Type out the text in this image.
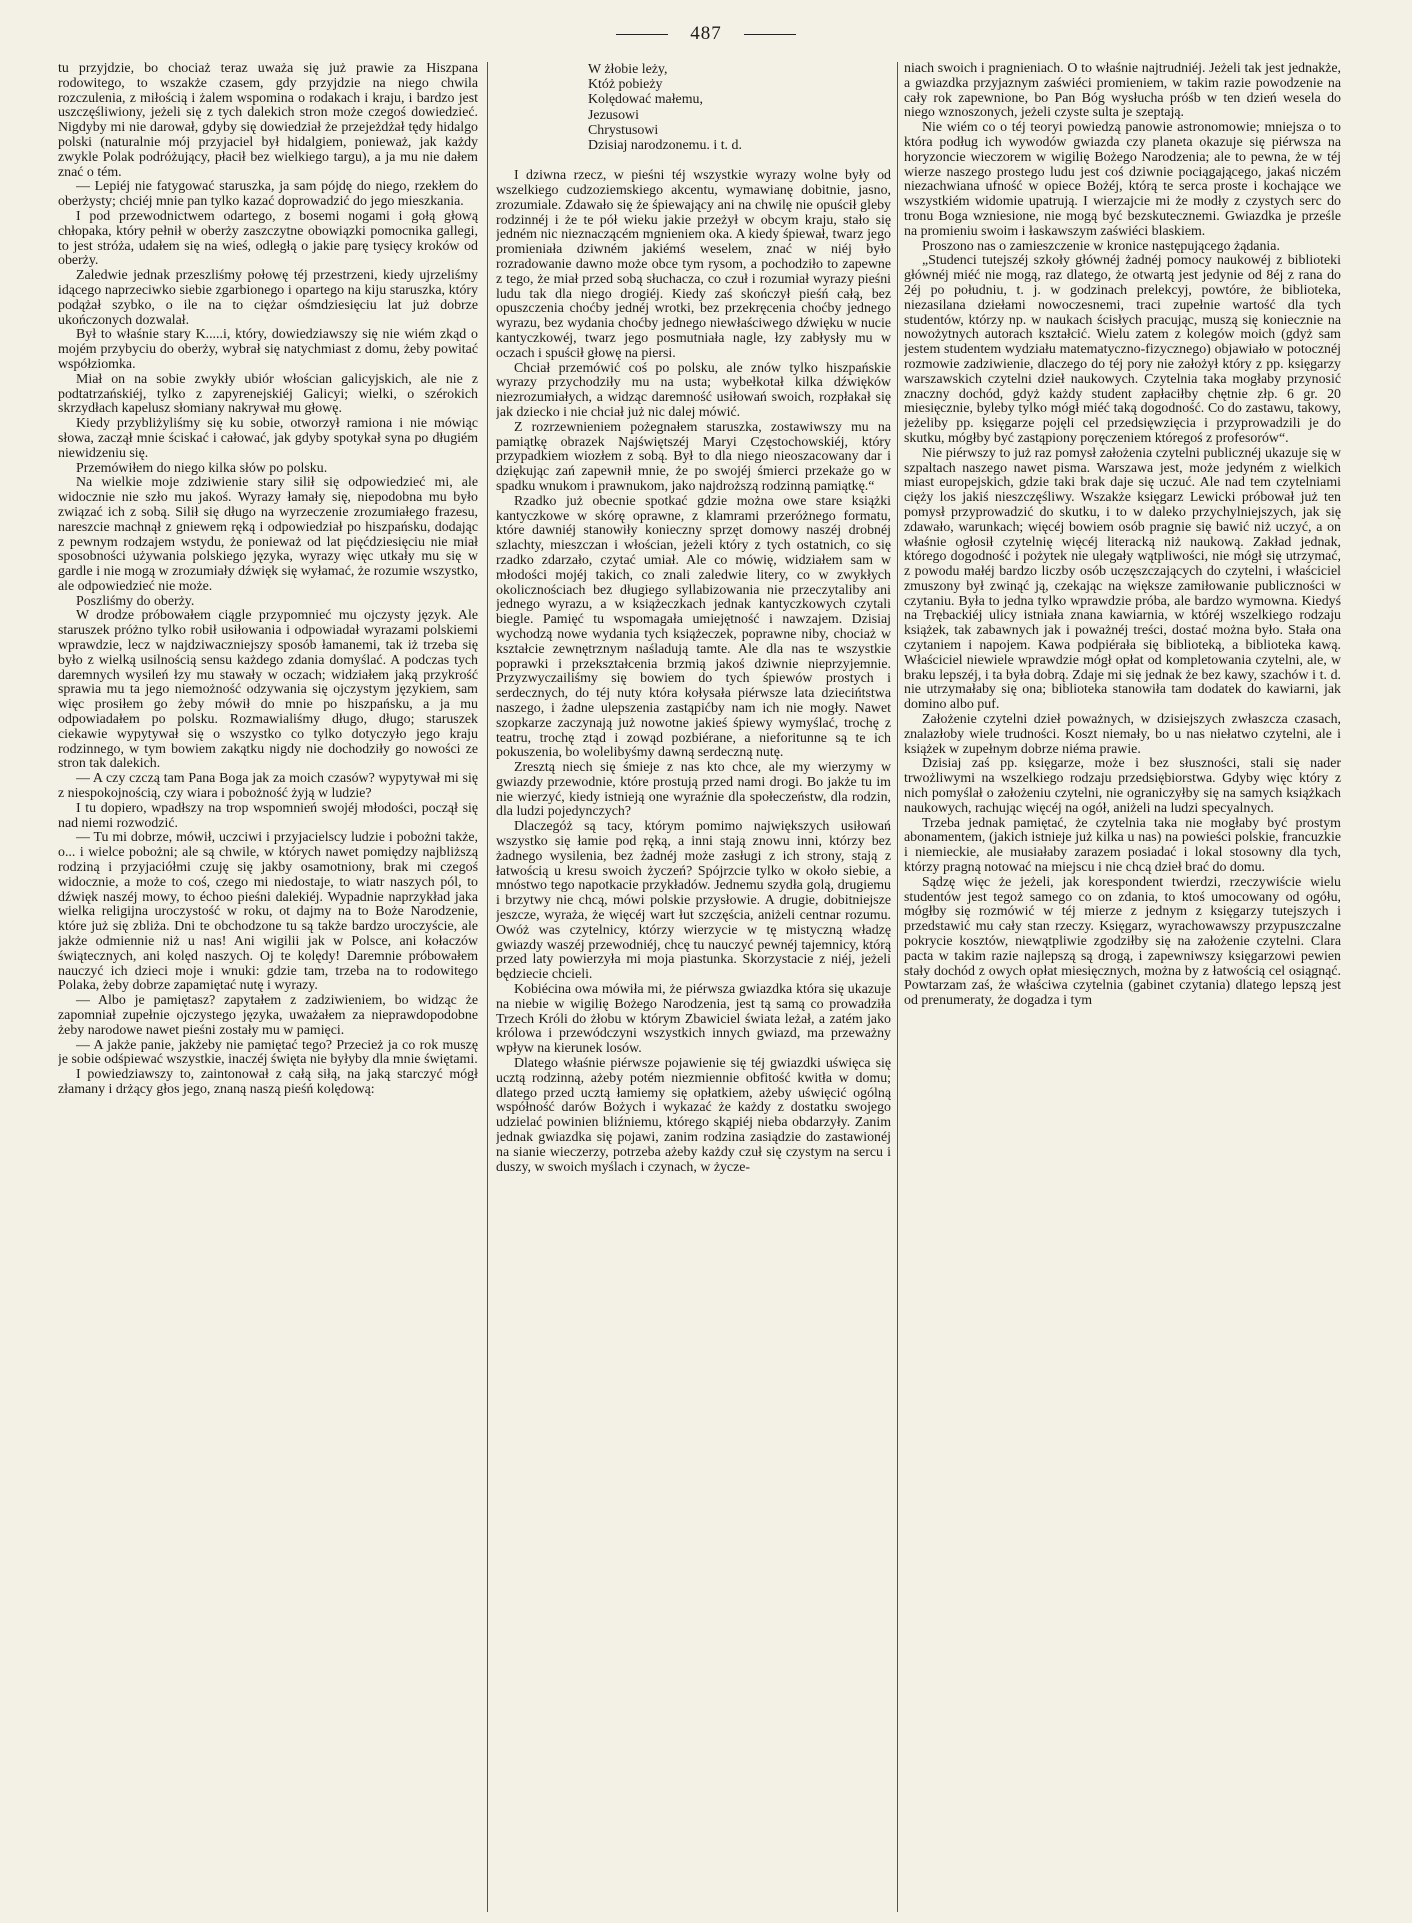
487

tu przyjdzie, bo chociaż teraz uważa się już prawie za Hiszpana rodowitego, to wszakże czasem, gdy przyjdzie na niego chwila rozczulenia, z miłością i żalem wspomina o rodakach i kraju, i bardzo jest uszczęśliwiony, jeżeli się z tych dalekich stron może czegoś dowiedzieć. Nigdyby mi nie darował, gdyby się dowiedział że przejeżdżał tędy hidalgo polski (naturalnie mój przyjaciel był hidalgiem, ponieważ, jak każdy zwykle Polak podróżujący, płacił bez wielkiego targu), a ja mu nie dałem znać o tém.

— Lepiéj nie fatygować staruszka, ja sam pójdę do niego, rzekłem do oberżysty; chciéj mnie pan tylko kazać doprowadzić do jego mieszkania.

I pod przewodnictwem odartego, z bosemi nogami i gołą głową chłopaka, który pełnił w oberży zaszczytne obowiązki pomocnika gallegi, to jest stróża, udałem się na wieś, odległą o jakie parę tysięcy kroków od oberży.

Zaledwie jednak przeszliśmy połowę téj przestrzeni, kiedy ujrzeliśmy idącego naprzeciwko siebie zgarbionego i opartego na kiju staruszka, który podążał szybko, o ile na to ciężar ośmdziesięciu lat już dobrze ukończonych dozwalał.

Był to właśnie stary K.....i, który, dowiedziawszy się nie wiém zkąd o mojém przybyciu do oberży, wybrał się natychmiast z domu, żeby powitać współziomka.

Miał on na sobie zwykły ubiór włościan galicyjskich, ale nie z podtatrzańskiéj, tylko z zapyrenejskiéj Galicyi; wielki, o szérokich skrzydłach kapelusz słomiany nakrywał mu głowę.

Kiedy przybliżyliśmy się ku sobie, otworzył ramiona i nie mówiąc słowa, zaczął mnie ściskać i całować, jak gdyby spotykał syna po długiém niewidzeniu się.

Przemówiłem do niego kilka słów po polsku.

Na wielkie moje zdziwienie stary silił się odpowiedzieć mi, ale widocznie nie szło mu jakoś. Wyrazy łamały się, niepodobna mu było związać ich z sobą. Silił się długo na wyrzeczenie zrozumiałego frazesu, nareszcie machnął z gniewem ręką i odpowiedział po hiszpańsku, dodając z pewnym rodzajem wstydu, że ponieważ od lat pięćdziesięciu nie miał sposobności używania polskiego języka, wyrazy więc utkały mu się w gardle i nie mogą w zrozumiały dźwięk się wyłamać, że rozumie wszystko, ale odpowiedzieć nie może.

Poszliśmy do oberży.

W drodze próbowałem ciągle przypomnieć mu ojczysty język. Ale staruszek próżno tylko robił usiłowania i odpowiadał wyrazami polskiemi wprawdzie, lecz w najdziwaczniejszy sposób łamanemi, tak iż trzeba się było z wielką usilnością sensu każdego zdania domyślać. A podczas tych daremnych wysileń łzy mu stawały w oczach; widziałem jaką przykrość sprawia mu ta jego niemożność odzywania się ojczystym językiem, sam więc prosiłem go żeby mówił do mnie po hiszpańsku, a ja mu odpowiadałem po polsku. Rozmawialiśmy długo, długo; staruszek ciekawie wypytywał się o wszystko co tylko dotyczyło jego kraju rodzinnego, w tym bowiem zakątku nigdy nie dochodziły go nowości ze stron tak dalekich.

— A czy czczą tam Pana Boga jak za moich czasów? wypytywał mi się z niespokojnością, czy wiara i pobożność żyją w ludzie?

I tu dopiero, wpadłszy na trop wspomnień swojéj młodości, począł się nad niemi rozwodzić.

— Tu mi dobrze, mówił, uczciwi i przyjacielscy ludzie i pobożni także, o... i wielce pobożni; ale są chwile, w których nawet pomiędzy najbliższą rodziną i przyjaciółmi czuję się jakby osamotniony, brak mi czegoś widocznie, a może to coś, czego mi niedostaje, to wiatr naszych pól, to dźwięk naszéj mowy, to échoo pieśni dalekiéj. Wypadnie naprzykład jaka wielka religijna uroczystość w roku, ot dajmy na to Boże Narodzenie, które już się zbliża. Dni te obchodzone tu są także bardzo uroczyście, ale jakże odmiennie niż u nas! Ani wigilii jak w Polsce, ani kołaczów świątecznych, ani kolęd naszych. Oj te kolędy! Daremnie próbowałem nauczyć ich dzieci moje i wnuki: gdzie tam, trzeba na to rodowitego Polaka, żeby dobrze zapamiętać nutę i wyrazy.

— Albo je pamiętasz? zapytałem z zadziwieniem, bo widząc że zapomniał zupełnie ojczystego języka, uważałem za nieprawdopodobne żeby narodowe nawet pieśni zostały mu w pamięci.

— A jakże panie, jakżeby nie pamiętać tego? Przecież ja co rok muszę je sobie odśpiewać wszystkie, inaczéj święta nie byłyby dla mnie świętami.

I powiedziawszy to, zaintonował z całą siłą, na jaką starczyć mógł złamany i drżący głos jego, znaną naszą pieśń kolędową:

W żłobie leży,
Któż pobieży
Kolędować małemu,
Jezusowi
Chrystusowi
Dzisiaj narodzonemu. i t. d.

I dziwna rzecz, w pieśni téj wszystkie wyrazy wolne były od wszelkiego cudzoziemskiego akcentu, wymawianę dobitnie, jasno, zrozumiale. Zdawało się że śpiewający ani na chwilę nie opuścił gleby rodzinnéj i że te pół wieku jakie przeżył w obcym kraju, stało się jedném nic nieznaczącém mgnieniem oka. A kiedy śpiewał, twarz jego promieniała dziwném jakiémś weselem, znać w niéj było rozradowanie dawno może obce tym rysom, a pochodziło to zapewne z tego, że miał przed sobą słuchacza, co czuł i rozumiał wyrazy pieśni ludu tak dla niego drogiéj. Kiedy zaś skończył pieśń całą, bez opuszczenia choćby jednéj wrotki, bez przekręcenia choćby jednego wyrazu, bez wydania choćby jednego niewłaściwego dźwięku w nucie kantyczkowéj, twarz jego posmutniała nagle, łzy zabłysły mu w oczach i spuścił głowę na piersi.

Chciał przemówić coś po polsku, ale znów tylko hiszpańskie wyrazy przychodziły mu na usta; wybełkotał kilka dźwięków niezrozumiałych, a widząc daremność usiłowań swoich, rozpłakał się jak dziecko i nie chciał już nic dalej mówić.

Z rozrzewnieniem pożegnałem staruszka, zostawiwszy mu na pamiątkę obrazek Najświętszéj Maryi Częstochowskiéj, który przypadkiem wiozłem z sobą. Był to dla niego nieoszacowany dar i dziękując zań zapewnił mnie, że po swojéj śmierci przekaże go w spadku wnukom i prawnukom, jako najdroższą rodzinną pamiątkę.“

Rzadko już obecnie spotkać gdzie można owe stare książki kantyczkowe w skórę oprawne, z klamrami przeróżnego formatu, które dawniéj stanowiły konieczny sprzęt domowy naszéj drobnéj szlachty, mieszczan i włościan, jeżeli który z tych ostatnich, co się rzadko zdarzało, czytać umiał. Ale co mówię, widziałem sam w młodości mojéj takich, co znali zaledwie litery, co w zwykłych okolicznościach bez długiego syllabizowania nie przeczytaliby ani jednego wyrazu, a w książeczkach jednak kantyczkowych czytali biegle. Pamięć tu wspomagała umiejętność i nawzajem. Dzisiaj wychodzą nowe wydania tych książeczek, poprawne niby, chociaż w kształcie zewnętrznym naśladują tamte. Ale dla nas te wszystkie poprawki i przekształcenia brzmią jakoś dziwnie nieprzyjemnie. Przyzwyczailiśmy się bowiem do tych śpiewów prostych i serdecznych, do téj nuty która kołysała piérwsze lata dziecińtstwa naszego, i żadne ulepszenia zastąpićby nam ich nie mogły. Nawet szopkarze zaczynają już nowotne jakieś śpiewy wymyślać, trochę z teatru, trochę ztąd i zowąd pozbiérane, a nieforitunne są te ich pokuszenia, bo wolelibyśmy dawną serdeczną nutę.

Zresztą niech się śmieje z nas kto chce, ale my wierzymy w gwiazdy przewodnie, które prostują przed nami drogi. Bo jakże tu im nie wierzyć, kiedy istnieją one wyraźnie dla społeczeństw, dla rodzin, dla ludzi pojedynczych?

Dlaczegóż są tacy, którym pomimo największych usiłowań wszystko się łamie pod ręką, a inni stają znowu inni, którzy bez żadnego wysilenia, bez żadnéj może zasługi z ich strony, stają z łatwością u kresu swoich życzeń? Spójrzcie tylko w około siebie, a mnóstwo tego napotkacie przykładów. Jednemu szydła golą, drugiemu i brzytwy nie chcą, mówi polskie przysłowie. A drugie, dobitniejsze jeszcze, wyraża, że więcéj wart łut szczęścia, aniżeli centnar rozumu. Owóż was czytelnicy, którzy wierzycie w tę mistyczną władzę gwiazdy waszéj przewodniéj, chcę tu nauczyć pewnéj tajemnicy, którą przed laty powierzyła mi moja piastunka. Skorzystacie z niéj, jeżeli będziecie chcieli.

Kobiécina owa mówiła mi, że piérwsza gwiazdka która się ukazuje na niebie w wigilię Bożego Narodzenia, jest tą samą co prowadziła Trzech Króli do żłobu w którym Zbawiciel świata leżał, a zatém jako królowa i przewódczyni wszystkich innych gwiazd, ma przeważny wpływ na kierunek losów.

Dlatego właśnie piérwsze pojawienie się téj gwiazdki uświęca się ucztą rodzinną, ażeby potém niezmiennie obfitość kwitła w domu; dlatego przed ucztą łamiemy się opłatkiem, ażeby uświęcić ogólną współność darów Bożych i wykazać że każdy z dostatku swojego udzielać powinien bliźniemu, którego skąpiéj nieba obdarzyły. Zanim jednak gwiazdka się pojawi, zanim rodzina zasiądzie do zastawionéj na sianie wieczerzy, potrzeba ażeby każdy czuł się czystym na sercu i duszy, w swoich myślach i czynach, w życze-

niach swoich i pragnieniach. O to właśnie najtrudniéj. Jeżeli tak jest jednakże, a gwiazdka przyjaznym zaświéci promieniem, w takim razie powodzenie na cały rok zapewnione, bo Pan Bóg wysłucha próśb w ten dzień wesela do niego wznoszonych, jeżeli czyste sulta je szeptają.

Nie wiém co o téj teoryi powiedzą panowie astronomowie; mniejsza o to która podług ich wywodów gwiazda czy planeta okazuje się piérwsza na horyzoncie wieczorem w wigilię Bożego Narodzenia; ale to pewna, że w téj wierze naszego prostego ludu jest coś dziwnie pociągającego, jakaś niczém niezachwiana ufność w opiece Bożéj, którą te serca proste i kochające we wszystkiém widomie upatrują. I wierzajcie mi że modły z czystych serc do tronu Boga wzniesione, nie mogą być bezskutecznemi. Gwiazdka je prześle na promieniu swoim i łaskawszym zaświéci blaskiem.

Proszono nas o zamieszczenie w kronice następującego żądania.

„Studenci tutejszéj szkoły głównéj żadnéj pomocy naukowéj z biblioteki głównéj miéć nie mogą, raz dlatego, że otwartą jest jedynie od 8éj z rana do 2éj po południu, t. j. w godzinach prelekcyj, powtóre, że biblioteka, niezasilana dziełami nowoczesnemi, traci zupełnie wartość dla tych studentów, którzy np. w naukach ścisłych pracując, muszą się koniecznie na nowożytnych autorach kształcić. Wielu zatem z kolegów moich (gdyż sam jestem studentem wydziału matematyczno-fizycznego) objawiało w potocznéj rozmowie zadziwienie, dlaczego do téj pory nie założył który z pp. księgarzy warszawskich czytelni dzieł naukowych. Czytelnia taka mogłaby przynosić znaczny dochód, gdyż każdy student zapłaciłby chętnie złp. 6 gr. 20 miesięcznie, byleby tylko mógł miéć taką dogodność. Co do zastawu, takowy, jeżeliby pp. księgarze pojęli cel przedsięwzięcia i przyprowadzili je do skutku, mógłby być zastąpiony poręczeniem któregoś z profesorów“.

Nie piérwszy to już raz pomysł założenia czytelni publicznéj ukazuje się w szpaltach naszego nawet pisma. Warszawa jest, może jedyném z wielkich miast europejskich, gdzie taki brak daje się uczuć. Ale nad tem czytelniami cięży los jakiś nieszczęśliwy. Wszakże księgarz Lewicki próbował już ten pomysł przyprowadzić do skutku, i to w daleko przychylniejszych, jak się zdawało, warunkach; więcéj bowiem osób pragnie się bawić niż uczyć, a on właśnie ogłosił czytelnię więcéj literacką niż naukową. Zakład jednak, którego dogodność i pożytek nie ulegały wątpliwości, nie mógł się utrzymać, z powodu małéj bardzo liczby osób uczęszczających do czytelni, i właściciel zmuszony był zwinąć ją, czekając na większe zamiłowanie publiczności w czytaniu. Była to jedna tylko wprawdzie próba, ale bardzo wymowna. Kiedyś na Trębackiéj ulicy istniała znana kawiarnia, w któréj wszelkiego rodzaju książek, tak zabawnych jak i poważnéj treści, dostać można było. Stała ona czytaniem i napojem. Kawa podpiérała się biblioteką, a biblioteka kawą. Właściciel niewiele wprawdzie mógł opłat od kompletowania czytelni, ale, w braku lepszéj, i ta była dobrą. Zdaje mi się jednak że bez kawy, szachów i t. d. nie utrzymałaby się ona; biblioteka stanowiła tam dodatek do kawiarni, jak domino albo puf.

Założenie czytelni dzieł poważnych, w dzisiejszych zwłaszcza czasach, znalazłoby wiele trudności. Koszt niemały, bo u nas niełatwo czytelni, ale i książek w zupełnym dobrze niéma prawie.

Dzisiaj zaś pp. księgarze, może i bez słuszności, stali się nader trwożliwymi na wszelkiego rodzaju przedsiębiorstwa. Gdyby więc który z nich pomyślał o założeniu czytelni, nie ograniczyłby się na samych książkach naukowych, rachując więcéj na ogół, aniżeli na ludzi specyalnych.

Trzeba jednak pamiętać, że czytelnia taka nie mogłaby być prostym abonamentem, (jakich istnieje już kilka u nas) na powieści polskie, francuzkie i niemieckie, ale musiałaby zarazem posiadać i lokal stosowny dla tych, którzy pragną notować na miejscu i nie chcą dzieł brać do domu.

Sądzę więc że jeżeli, jak korespondent twierdzi, rzeczywiście wielu studentów jest tegoż samego co on zdania, to ktoś umocowany od ogółu, mógłby się rozmówić w téj mierze z jednym z księgarzy tutejszych i przedstawić mu cały stan rzeczy. Księgarz, wyrachowawszy przypuszczalne pokrycie kosztów, niewątpliwie zgodziłby się na założenie czytelni. Clara pacta w takim razie najlepszą są drogą, i zapewniwszy księgarzowi pewien stały dochód z owych opłat miesięcznych, można by z łatwością cel osiągnąć. Powtarzam zaś, że właściwa czytelnia (gabinet czytania) dlatego lepszą jest od prenumeraty, że dogadza i tym
